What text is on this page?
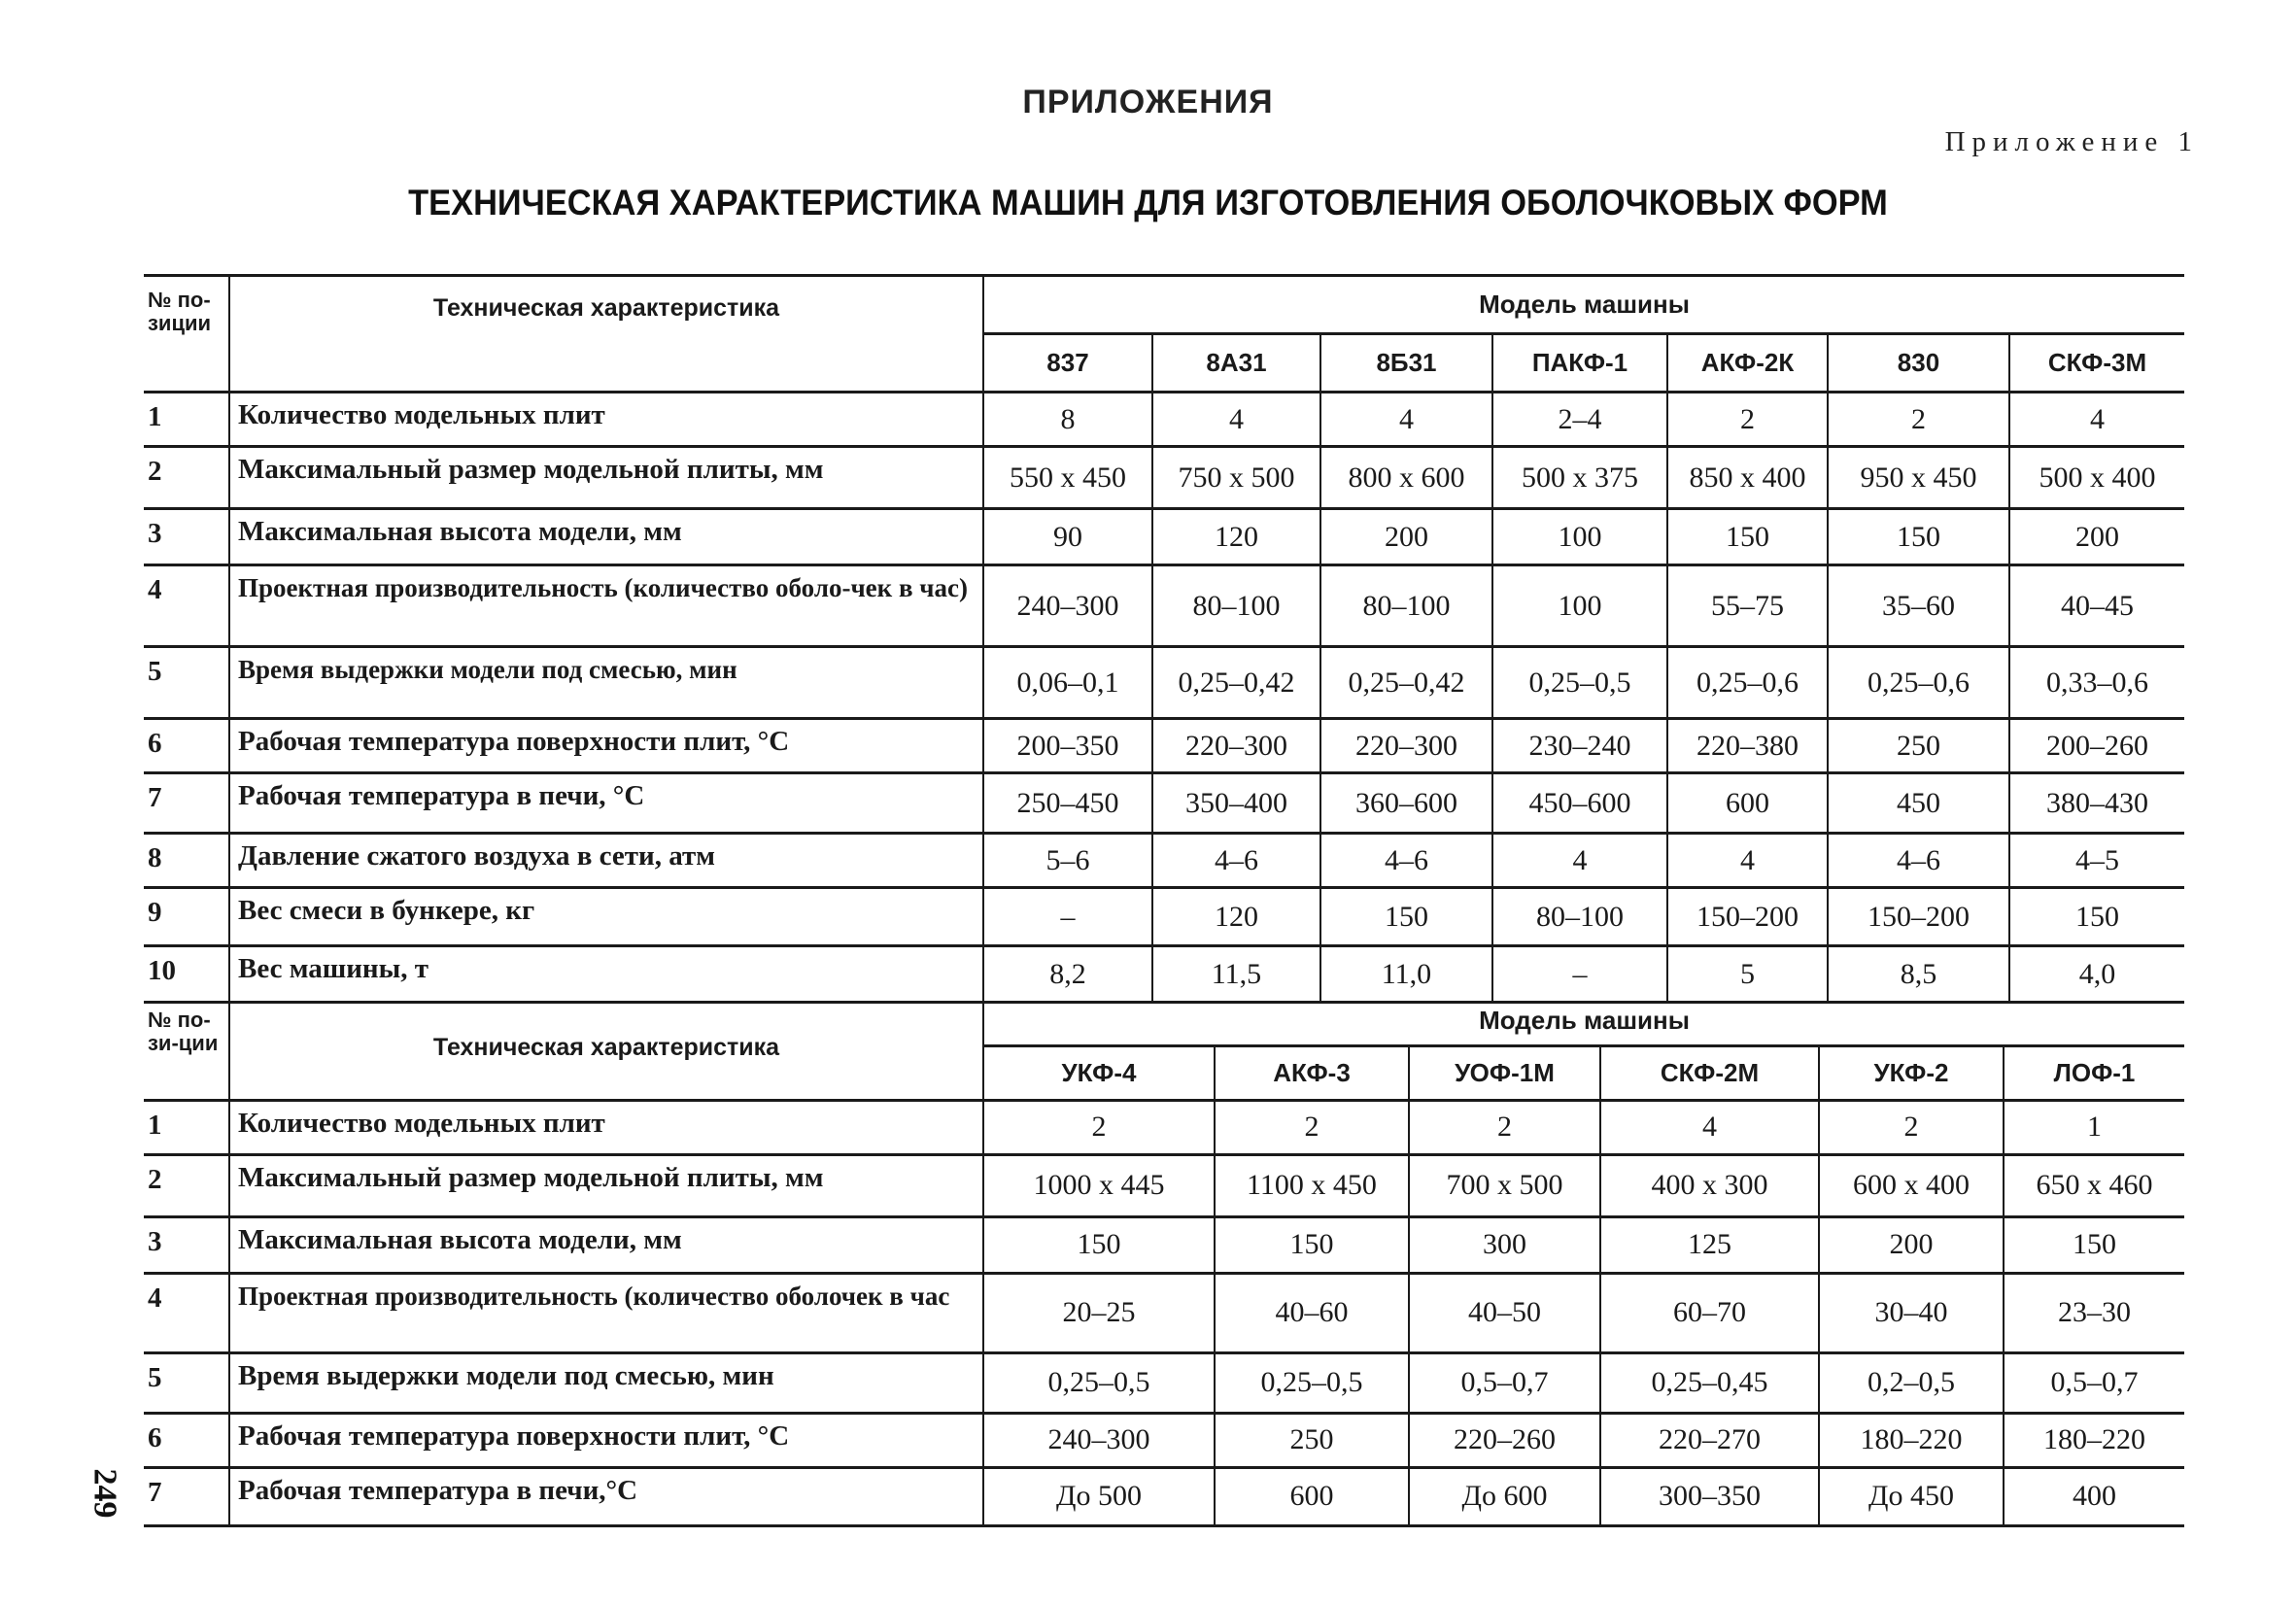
ПРИЛОЖЕНИЯ
Приложение 1
ТЕХНИЧЕСКАЯ ХАРАКТЕРИСТИКА МАШИН ДЛЯ ИЗГОТОВЛЕНИЯ ОБОЛОЧКОВЫХ ФОРМ
№ по-зиции	Техническая характеристика	Модель машины						
		837	8А31	8Б31	ПАКФ-1	АКФ-2К	830	СКФ-3М
1	Количество модельных плит	8	4	4	2–4	2	2	4
2	Максимальный размер модельной плиты, мм	550 x 450	750 x 500	800 x 600	500 x 375	850 x 400	950 x 450	500 x 400
3	Максимальная высота модели, мм	90	120	200	100	150	150	200
4	Проектная производительность (количество оболо-чек в час)	240–300	80–100	80–100	100	55–75	35–60	40–45
5	Время выдержки модели под смесью, мин	0,06–0,1	0,25–0,42	0,25–0,42	0,25–0,5	0,25–0,6	0,25–0,6	0,33–0,6
6	Рабочая температура поверхности плит, °С	200–350	220–300	220–300	230–240	220–380	250	200–260
7	Рабочая температура в печи, °С	250–450	350–400	360–600	450–600	600	450	380–430
8	Давление сжатого воздуха в сети, атм	5–6	4–6	4–6	4	4	4–6	4–5
9	Вес смеси в бункере, кг	–	120	150	80–100	150–200	150–200	150
10	Вес машины, т	8,2	11,5	11,0	–	5	8,5	4,0
№ по-зи-ции	Техническая характеристика	Модель машины					
		УКФ-4	АКФ-3	УОФ-1М	СКФ-2М	УКФ-2	ЛОФ-1
1	Количество модельных плит	2	2	2	4	2	1
2	Максимальный размер модельной плиты, мм	1000 x 445	1100 x 450	700 x 500	400 x 300	600 x 400	650 x 460
3	Максимальная высота модели, мм	150	150	300	125	200	150
4	Проектная производительность (количество оболочек в час	20–25	40–60	40–50	60–70	30–40	23–30
5	Время выдержки модели под смесью, мин	0,25–0,5	0,25–0,5	0,5–0,7	0,25–0,45	0,2–0,5	0,5–0,7
6	Рабочая температура поверхности плит, °С	240–300	250	220–260	220–270	180–220	180–220
7	Рабочая температура в печи,°С	До 500	600	До 600	300–350	До 450	400
249
